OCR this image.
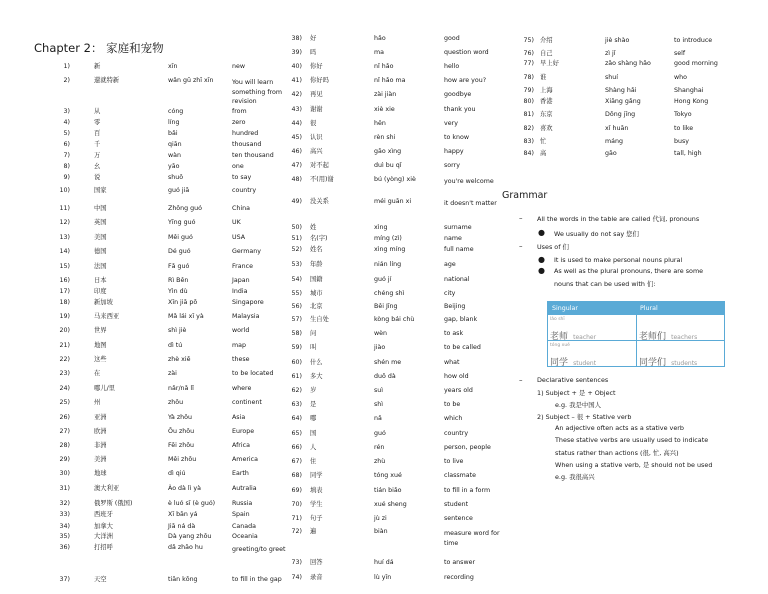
Chapter 2： 家庭和宠物
1)	新	xīn	new
2)	還就特新	wǎn gū zhī xīn	You will learn something from revision
3)	从	cóng	from
4)	零	líng	zero
5)	百	bǎi	hundred
6)	千	qiān	thousand
7)	万	wàn	ten thousand
8)	幺	yāo	one
9)	说	shuō	to say
10)	国家	guó jiā	country
11)	中国	Zhōng guó	China
12)	英国	Yīng guó	UK
13)	美国	Měi guó	USA
14)	德国	Dé guó	Germany
15)	法国	Fǎ guó	France
16)	日本	Rì Běn	Japan
17)	印度	Yìn dù	India
18)	新加坡	Xīn jiā pō	Singapore
19)	马来西亚	Mǎ lái xī yà	Malaysia
20)	世界	shì jiè	world
21)	地图	dì tú	map
22)	这些	zhè xiē	these
23)	在	zài	to be located
24)	哪儿/里	nǎr/nǎ lǐ	where
25)	州	zhōu	continent
26)	亚洲	Yà zhōu	Asia
27)	欧洲	Ōu zhōu	Europe
28)	非洲	Fēi zhōu	Africa
29)	美洲	Měi zhōu	America
30)	地球	dì qiú	Earth
31)	澳大利亚	Ào dà lì yà	Autralia
32)	俄罗斯 (俄国)	è luó sī (è guó)	Russia
33)	西班牙	Xī bān yá	Spain
34)	加拿大	Jiā ná dà	Canada
35)	大洋洲	Dà yang zhōu	Oceania
36)	打招呼	dǎ zhāo hu	greeting/to greet
37)	天空	tiān kōng	to fill in the gap
38) 好	hǎo	good
39) 吗	ma	question word
40) 你好	nǐ hǎo	hello
41) 你好吗	nǐ hǎo ma	how are you?
42) 再见	zài jiàn	goodbye
43) 谢谢	xiè xie	thank you
44) 很	hěn	very
45) 认识	rèn shi	to know
46) 高兴	gāo xìng	happy
47) 对不起	duì bu qǐ	sorry
48) 不(用)谢	bú (yòng) xiè	you're welcome
49) 没关系	méi guān xi	it doesn't matter
50) 姓	xìng	surname
51) 名(字)	míng (zì)	name
52) 姓名	xìng míng	full name
53) 年龄	nián líng	age
54) 国籍	guó jí	national
55) 城市	chéng shì	city
56) 北京	Běi Jīng	Beijing
57) 生自处	kòng bái chù	gap, blank
58) 问	wèn	to ask
59) 叫	jiào	to be called
60) 什么	shén me	what
61) 多大	duō dà	how old
62) 岁	suì	years old
63) 是	shì	to be
64) 哪	nǎ	which
65) 国	guó	country
66) 人	rén	person, people
67) 住	zhù	to live
68) 同学	tóng xué	classmate
69) 填表	tián biǎo	to fill in a form
70) 学生	xué sheng	student
71) 句子	jù zi	sentence
72) 遍	biàn	measure word for time
73) 回答	huí dá	to answer
74) 录音	lù yīn	recording
75) 介绍	jiè shào	to introduce
76) 自己	zì jǐ	self
77) 早上好	zǎo shàng hǎo	good morning
78) 谁	shuí	who
79) 上海	Shàng hǎi	Shanghai
80) 香港	Xiāng gǎng	Hong Kong
81) 东京	Dōng jīng	Tokyo
82) 喜欢	xǐ huān	to like
83) 忙	máng	busy
84) 高	gāo	tall, high
Grammar
– All the words in the table are called 代词, pronouns
● We usually do not say 您们
– Uses of 们
● It is used to make personal nouns plural
● As well as the plural pronouns, there are some
nouns that can be used with 们:
Singular	Plural
lǎo shī
老师 teacher	老师们 teachers
tóng xué
同学 student	同学们 students
– Declarative sentences
1) Subject + 是 + Object
e.g. 我是中国人
2) Subject – 很 + Stative verb
An adjective often acts as a stative verb
These stative verbs are usually used to indicate
status rather than actions (很, 忙, 高兴)
When using a stative verb, 是 should not be used
e.g. 我很高兴
